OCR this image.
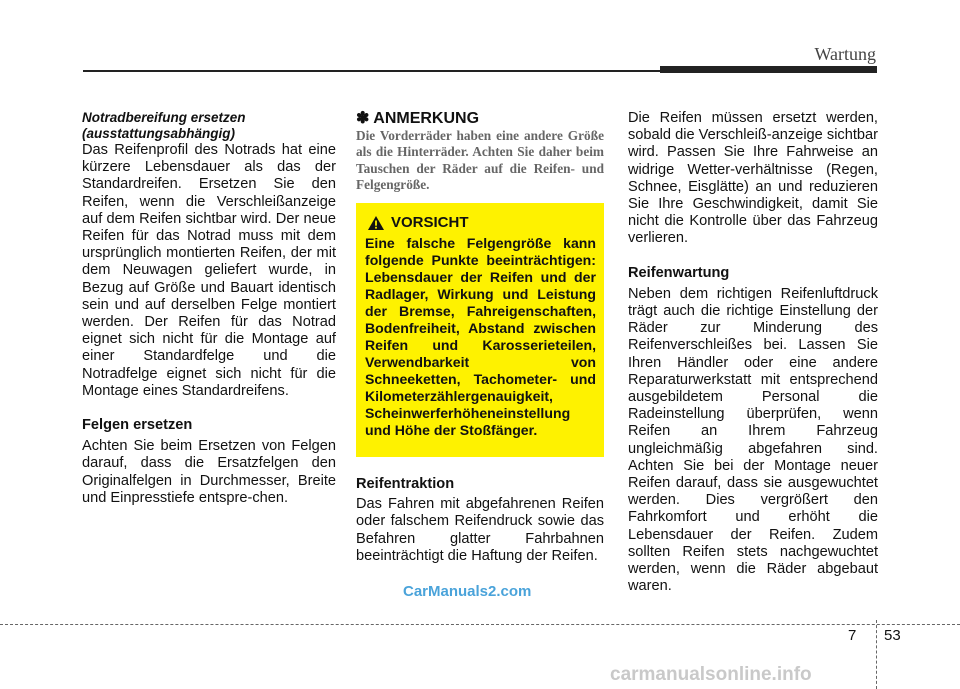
Wartung

Notradbereifung ersetzen
(ausstattungsabhängig)

Das Reifenprofil des Notrads hat eine kürzere Lebensdauer als das der Standardreifen. Ersetzen Sie den Reifen, wenn die Verschleißanzeige auf dem Reifen sichtbar wird. Der neue Reifen für das Notrad muss mit dem ursprünglich montierten Reifen, der mit dem Neuwagen geliefert wurde, in Bezug auf Größe und Bauart identisch sein und auf derselben Felge montiert werden. Der Reifen für das Notrad eignet sich nicht für die Montage auf einer Standardfelge und die Notradfelge eignet sich nicht für die Montage eines Standardreifens.

Felgen ersetzen

Achten Sie beim Ersetzen von Felgen darauf, dass die Ersatzfelgen den Originalfelgen in Durchmesser, Breite und Einpresstiefe entspre-chen.

✽ ANMERKUNG

Die Vorderräder haben eine andere Größe als die Hinterräder. Achten Sie daher beim Tauschen der Räder auf die Reifen- und Felgengröße.

VORSICHT

Eine falsche Felgengröße kann folgende Punkte beeinträchtigen: Lebensdauer der Reifen und der Radlager, Wirkung und Leistung der Bremse, Fahreigenschaften, Bodenfreiheit, Abstand zwischen Reifen und Karosserieteilen, Verwendbarkeit von Schneeketten, Tachometer- und Kilometerzählergenauigkeit, Scheinwerferhöheneinstellung und Höhe der Stoßfänger.

Reifentraktion

Das Fahren mit abgefahrenen Reifen oder falschem Reifendruck sowie das Befahren glatter Fahrbahnen beeinträchtigt die Haftung der Reifen.

Die Reifen müssen ersetzt werden, sobald die Verschleiß-anzeige sichtbar wird. Passen Sie Ihre Fahrweise an widrige Wetter-verhältnisse (Regen, Schnee, Eisglätte) an und reduzieren Sie Ihre Geschwindigkeit, damit Sie nicht die Kontrolle über das Fahrzeug verlieren.

Reifenwartung

Neben dem richtigen Reifenluftdruck trägt auch die richtige Einstellung der Räder zur Minderung des Reifenverschleißes bei. Lassen Sie Ihren Händler oder eine andere Reparaturwerkstatt mit entsprechend ausgebildetem Personal die Radeinstellung überprüfen, wenn Reifen an Ihrem Fahrzeug ungleichmäßig abgefahren sind. Achten Sie bei der Montage neuer Reifen darauf, dass sie ausgewuchtet werden. Dies vergrößert den Fahrkomfort und erhöht die Lebensdauer der Reifen. Zudem sollten Reifen stets nachgewuchtet werden, wenn die Räder abgebaut waren.

CarManuals2.com
7 53
carmanualsonline.info
